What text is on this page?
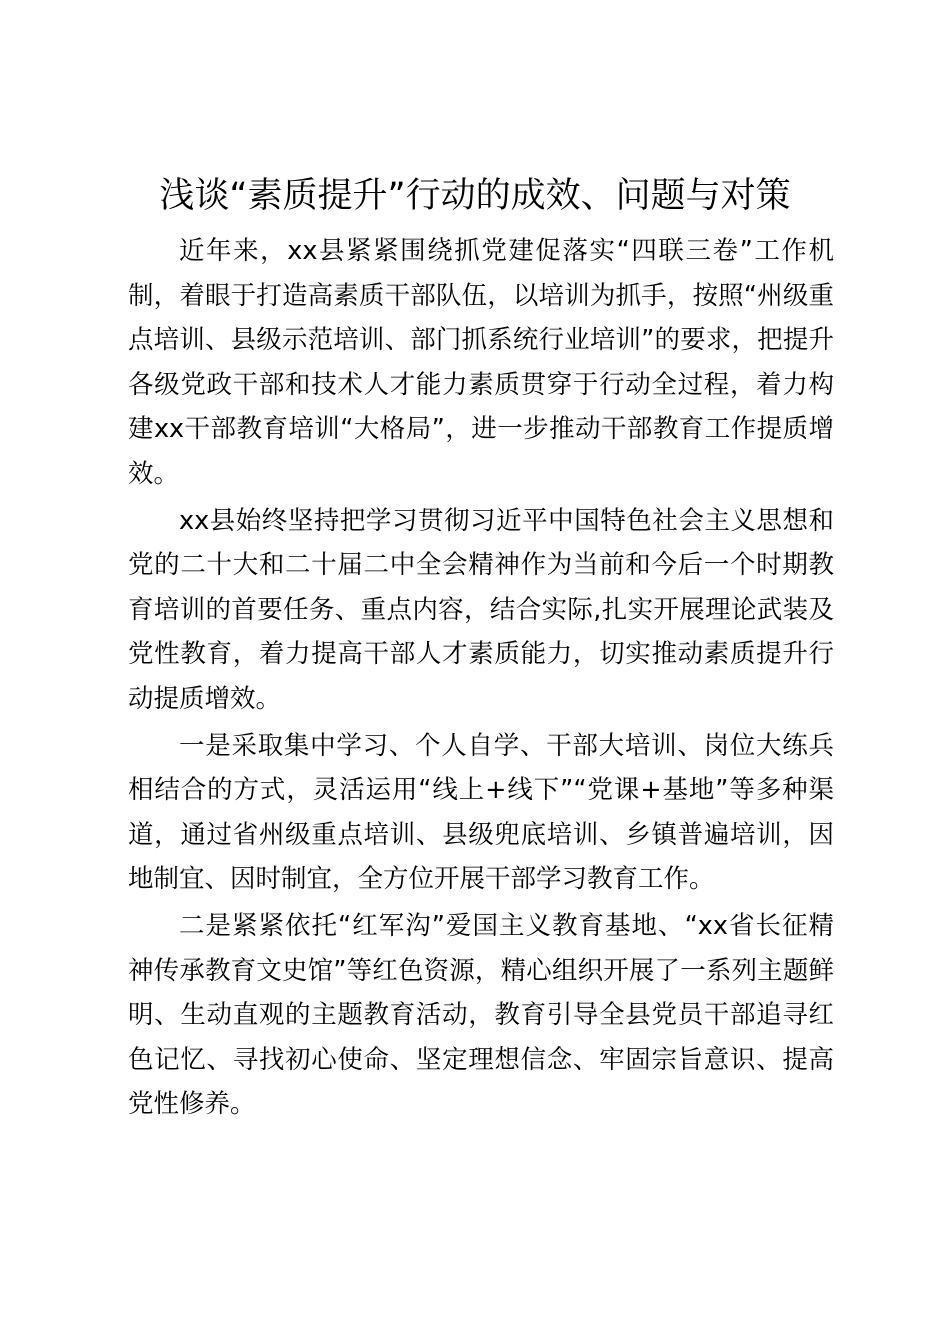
浅谈“素质提升”行动的成效、问题与对策

近年来，xx县紧紧围绕抓党建促落实“四联三卷”工作机制，着眼于打造高素质干部队伍，以培训为抓手，按照“州级重点培训、县级示范培训、部门抓系统行业培训”的要求，把提升各级党政干部和技术人才能力素质贯穿于行动全过程，着力构建xx干部教育培训“大格局”，进一步推动干部教育工作提质增效。

xx县始终坚持把学习贯彻习近平中国特色社会主义思想和党的二十大和二十届二中全会精神作为当前和今后一个时期教育培训的首要任务、重点内容，结合实际,扎实开展理论武装及党性教育，着力提高干部人才素质能力，切实推动素质提升行动提质增效。

一是采取集中学习、个人自学、干部大培训、岗位大练兵相结合的方式，灵活运用“线上+线下”“党课+基地”等多种渠道，通过省州级重点培训、县级兜底培训、乡镇普遍培训，因地制宜、因时制宜，全方位开展干部学习教育工作。

二是紧紧依托“红军沟”爱国主义教育基地、“xx省长征精神传承教育文史馆”等红色资源，精心组织开展了一系列主题鲜明、生动直观的主题教育活动，教育引导全县党员干部追寻红色记忆、寻找初心使命、坚定理想信念、牢固宗旨意识、提高党性修养。
